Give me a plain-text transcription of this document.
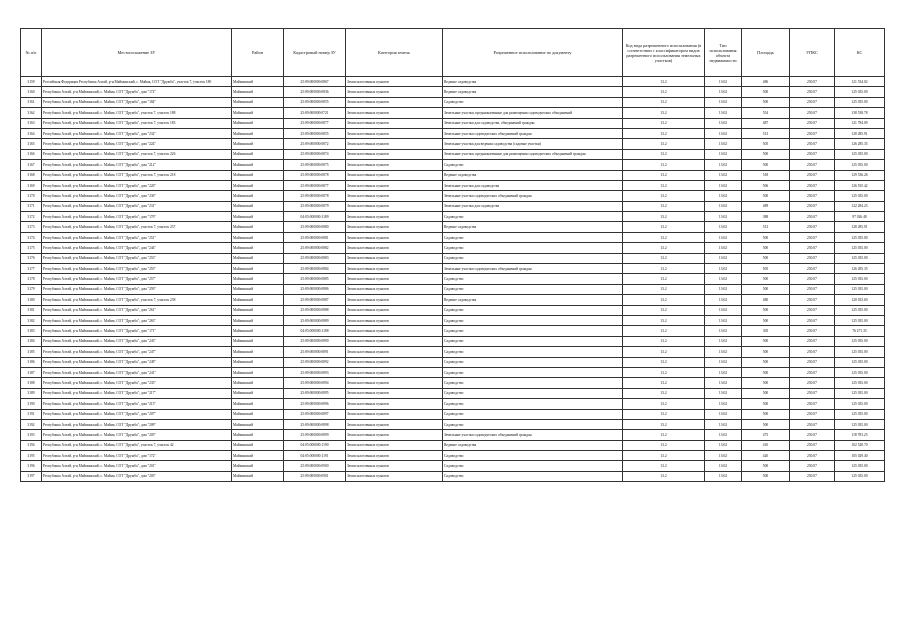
№ п/п	Местоположение ЗУ	Район	Кадастровый номер ЗУ	Категория земель	Разрешенное использование по документу	Код вида разрешенного использования (в соответствии с классификатором видов разрешенного использования земельных участков)	Тип использования объекта недвижимости	Площадь	УПКС	КС
3159	Российская Федерация Республика Алтай, р-н Майминский, с. Майма, СОТ "Дружба", участок 7, участок 180	Майминский	25:09:000000:0867	Земли населенных пунктов	Ведение садоводства	13.2	13:02	486	250.07	121 534.02
3160	Республика Алтай, р-н Майминский, с. Майма, СОТ "Дружба", дом "172"	Майминский	25:09:000000:0836	Земли населенных пунктов	Ведение садоводства	13.2	13:02	500	250.07	125 035.00
3161	Республика Алтай, р-н Майминский, с. Майма, СОТ "Дружба", дом "184"	Майминский	25:09:000000:0855	Земли населенных пунктов	Садоводство	13.2	13:02	500	250.07	125 035.00
3162	Республика Алтай, р-н Майминский, с. Майма, СОТ "Дружба", участок 7, участок 188	Майминский	25:09:000000:0721	Земли населенных пунктов	Земельные участки, предназначенные для размещения садоводческих объединений	13.2	13:02	554	250.07	138 538.78
3163	Республика Алтай, р-н Майминский, с. Майма, СОТ "Дружба", участок 7, участок 183	Майминский	25:09:000000:0877	Земли населенных пунктов	Земельные участки для садоводства, объединений граждан	13.2	13:02	487	250.07	121 784.09
3164	Республика Алтай, р-н Майминский, с. Майма, СОТ "Дружба", дом "232"	Майминский	25:09:000000:0855	Земли населенных пунктов	Земельные участки садоводческих объединений граждан	13.2	13:02	513	250.07	128 285.91
3165	Республика Алтай, р-н Майминский, с. Майма, СОТ "Дружба", дом "224"	Майминский	25:09:000000:0872	Земли населенных пунктов	Земельные участки для ведения садоводства (садовые участки)	13.2	13:02	505	250.07	126 285.35
3166	Республика Алтай, р-н Майминский, с. Майма, СОТ "Дружба", участок 7, участок 226	Майминский	25:09:000000:0874	Земли населенных пунктов	Земельные участки, предназначенные для размещения садоводческих объединений граждан	13.2	13:02	500	250.07	125 035.00
3167	Республика Алтай, р-н Майминский, с. Майма, СОТ "Дружба", дом "212"	Майминский	25:09:000000:0875	Земли населенных пунктов	Садоводство	13.2	13:02	500	250.07	125 035.00
3168	Республика Алтай, р-н Майминский, с. Майма, СОТ "Дружба", участок 7, участок 218	Майминский	25:09:000000:0878	Земли населенных пунктов	Ведение садоводства	13.2	13:02	518	250.07	129 536.26
3169	Республика Алтай, р-н Майминский, с. Майма, СОТ "Дружба", дом "220"	Майминский	25:09:000000:0877	Земли населенных пунктов	Земельные участки для садоводства	13.2	13:02	506	250.07	126 535.42
3170	Республика Алтай, р-н Майминский, с. Майма, СОТ "Дружба", дом "230"	Майминский	25:09:000000:0878	Земли населенных пунктов	Земельные участки садоводческих объединений граждан	13.2	13:02	500	250.07	125 035.00
3171	Республика Алтай, р-н Майминский, с. Майма, СОТ "Дружба", дом "231"	Майминский	25:09:000000:0879	Земли населенных пунктов	Земельные участки для садоводства	13.2	13:02	489	250.07	122 284.23
3172	Республика Алтай, р-н Майминский, с. Майма, СОТ "Дружба", дом "170"	Майминский	04:05:000000:1189	Земли населенных пунктов	Садоводство	13.2	13:02	388	250.07	97 026.48
3173	Республика Алтай, р-н Майминский, с. Майма, СОТ "Дружба", участок 7, участок 237	Майминский	25:09:000000:0880	Земли населенных пунктов	Ведение садоводства	13.2	13:02	513	250.07	128 285.91
3174	Республика Алтай, р-н Майминский, с. Майма, СОТ "Дружба", дом "251"	Майминский	25:09:000000:0881	Земли населенных пунктов	Садоводство	13.2	13:02	500	250.07	125 035.00
3175	Республика Алтай, р-н Майминский, с. Майма, СОТ "Дружба", дом "244"	Майминский	25:09:000000:0882	Земли населенных пунктов	Садоводство	13.2	13:02	500	250.07	125 035.00
3176	Республика Алтай, р-н Майминский, с. Майма, СОТ "Дружба", дом "253"	Майминский	25:09:000000:0883	Земли населенных пунктов	Садоводство	13.2	13:02	500	250.07	125 035.00
3177	Республика Алтай, р-н Майминский, с. Майма, СОТ "Дружба", дом "255"	Майминский	25:09:000000:0884	Земли населенных пунктов	Земельные участки садоводческих объединений граждан	13.2	13:02	505	250.07	126 285.35
3178	Республика Алтай, р-н Майминский, с. Майма, СОТ "Дружба", дом "257"	Майминский	25:09:000000:0885	Земли населенных пунктов	Садоводство	13.2	13:02	500	250.07	125 035.00
3179	Республика Алтай, р-н Майминский, с. Майма, СОТ "Дружба", дом "259"	Майминский	25:09:000000:0886	Земли населенных пунктов	Садоводство	13.2	13:02	500	250.07	125 035.00
3180	Республика Алтай, р-н Майминский, с. Майма, СОТ "Дружба", участок 7, участок 238	Майминский	25:09:000000:0887	Земли населенных пунктов	Ведение садоводства	13.2	13:02	480	250.07	120 033.60
3181	Республика Алтай, р-н Майминский, с. Майма, СОТ "Дружба", дом "261"	Майминский	25:09:000000:0888	Земли населенных пунктов	Садоводство	13.2	13:02	500	250.07	125 035.00
3182	Республика Алтай, р-н Майминский, с. Майма, СОТ "Дружба", дом "263"	Майминский	25:09:000000:0889	Земли населенных пунктов	Садоводство	13.2	13:02	500	250.07	125 035.00
3183	Республика Алтай, р-н Майминский, с. Майма, СОТ "Дружба", дом "171"	Майминский	04:05:000000:1188	Земли населенных пунктов	Садоводство	13.2	13:02	305	250.07	76 271.35
3184	Республика Алтай, р-н Майминский, с. Майма, СОТ "Дружба", дом "243"	Майминский	25:09:000000:0890	Земли населенных пунктов	Садоводство	13.2	13:02	500	250.07	125 035.00
3185	Республика Алтай, р-н Майминский, с. Майма, СОТ "Дружба", дом "247"	Майминский	25:09:000000:0891	Земли населенных пунктов	Садоводство	13.2	13:02	500	250.07	125 035.00
3186	Республика Алтай, р-н Майминский, с. Майма, СОТ "Дружба", дом "249"	Майминский	25:09:000000:0892	Земли населенных пунктов	Садоводство	13.2	13:02	500	250.07	125 035.00
3187	Республика Алтай, р-н Майминский, с. Майма, СОТ "Дружба", дом "241"	Майминский	25:09:000000:0893	Земли населенных пунктов	Садоводство	13.2	13:02	500	250.07	125 035.00
3188	Республика Алтай, р-н Майминский, с. Майма, СОТ "Дружба", дом "235"	Майминский	25:09:000000:0894	Земли населенных пунктов	Садоводство	13.2	13:02	500	250.07	125 035.00
3189	Республика Алтай, р-н Майминский, с. Майма, СОТ "Дружба", дом "217"	Майминский	25:09:000000:0895	Земли населенных пунктов	Садоводство	13.2	13:02	500	250.07	125 035.00
3190	Республика Алтай, р-н Майминский, с. Майма, СОТ "Дружба", дом "215"	Майминский	25:09:000000:0896	Земли населенных пунктов	Садоводство	13.2	13:02	500	250.07	125 035.00
3191	Республика Алтай, р-н Майминский, с. Майма, СОТ "Дружба", дом "207"	Майминский	25:09:000000:0897	Земли населенных пунктов	Садоводство	13.2	13:02	500	250.07	125 035.00
3192	Республика Алтай, р-н Майминский, с. Майма, СОТ "Дружба", дом "209"	Майминский	25:09:000000:0898	Земли населенных пунктов	Садоводство	13.2	13:02	500	250.07	125 035.00
3193	Республика Алтай, р-н Майминский, с. Майма, СОТ "Дружба", дом "205"	Майминский	25:09:000000:0899	Земли населенных пунктов	Земельные участки садоводческих объединений граждан	13.2	13:02	475	250.07	118 783.25
3194	Республика Алтай, р-н Майминский, с. Майма, СОТ "Дружба", участок 7, участок 42	Майминский	04:05:000000:1190	Земли населенных пунктов	Ведение садоводства	13.2	13:02	410	250.07	102 528.70
3195	Республика Алтай, р-н Майминский, с. Майма, СОТ "Дружба", дом "172"	Майминский	04:05:000000:1191	Земли населенных пунктов	Садоводство	13.2	13:02	420	250.07	105 029.40
3196	Республика Алтай, р-н Майминский, с. Майма, СОТ "Дружба", дом "201"	Майминский	25:09:000000:0900	Земли населенных пунктов	Садоводство	13.2	13:02	500	250.07	125 035.00
3197	Республика Алтай, р-н Майминский, с. Майма, СОТ "Дружба", дом "203"	Майминский	25:09:000000:0901	Земли населенных пунктов	Садоводство	13.2	13:02	500	250.07	125 035.00
